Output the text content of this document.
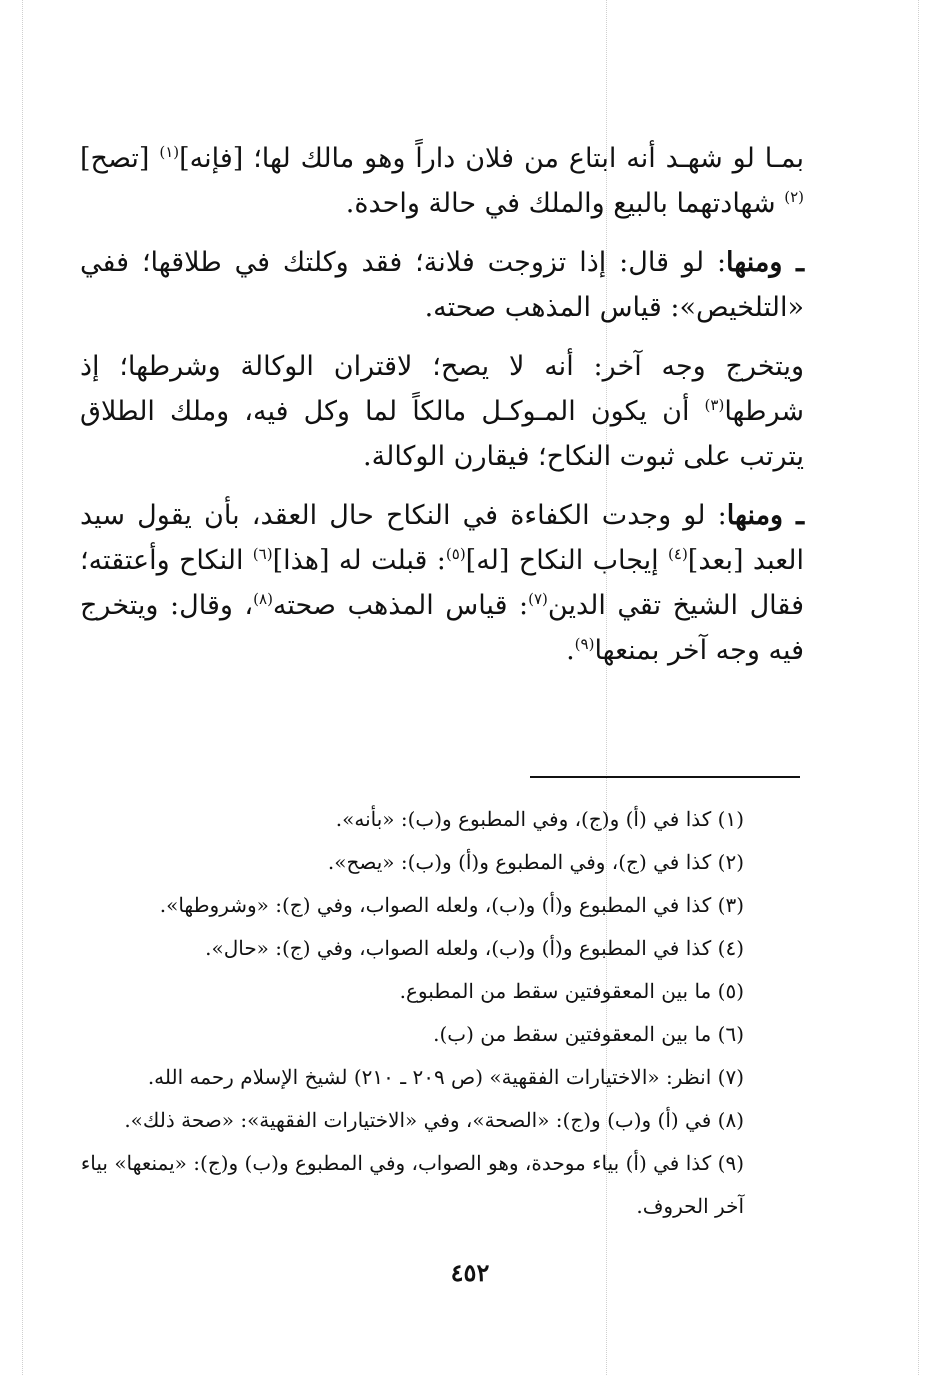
بمـا لو شهـد أنه ابتاع من فلان داراً وهو مالك لها؛ [فإنه]$^{(١)}$ [تصح]$^{(٢)}$ شهادتهما بالبيع والملك في حالة واحدة.

ـ ومنها: لو قال: إذا تزوجت فلانة؛ فقد وكلتك في طلاقها؛ ففي «التلخيص»: قياس المذهب صحته.

ويتخرج وجه آخر: أنه لا يصح؛ لاقتران الوكالة وشرطها؛ إذ شرطها$^{(٣)}$ أن يكون المـوكـل مالكاً لما وكل فيه، وملك الطلاق يترتب على ثبوت النكاح؛ فيقارن الوكالة.

ـ ومنها: لو وجدت الكفاءة في النكاح حال العقد، بأن يقول سيد العبد [بعد]$^{(٤)}$ إيجاب النكاح [له]$^{(٥)}$: قبلت له [هذا]$^{(٦)}$ النكاح وأعتقته؛ فقال الشيخ تقي الدين$^{(٧)}$: قياس المذهب صحته$^{(٨)}$، وقال: ويتخرج فيه وجه آخر بمنعها$^{(٩)}$.

(١) كذا في (أ) و(ج)، وفي المطبوع و(ب): «بأنه».

(٢) كذا في (ج)، وفي المطبوع و(أ) و(ب): «يصح».

(٣) كذا في المطبوع و(أ) و(ب)، ولعله الصواب، وفي (ج): «وشروطها».

(٤) كذا في المطبوع و(أ) و(ب)، ولعله الصواب، وفي (ج): «حال».

(٥) ما بين المعقوفتين سقط من المطبوع.

(٦) ما بين المعقوفتين سقط من (ب).

(٧) انظر: «الاختيارات الفقهية» (ص ٢٠٩ ـ ٢١٠) لشيخ الإسلام رحمه الله.

(٨) في (أ) و(ب) و(ج): «الصحة»، وفي «الاختيارات الفقهية»: «صحة ذلك».

(٩) كذا في (أ) بياء موحدة، وهو الصواب، وفي المطبوع و(ب) و(ج): «يمنعها» بياء آخر الحروف.

٤٥٢
